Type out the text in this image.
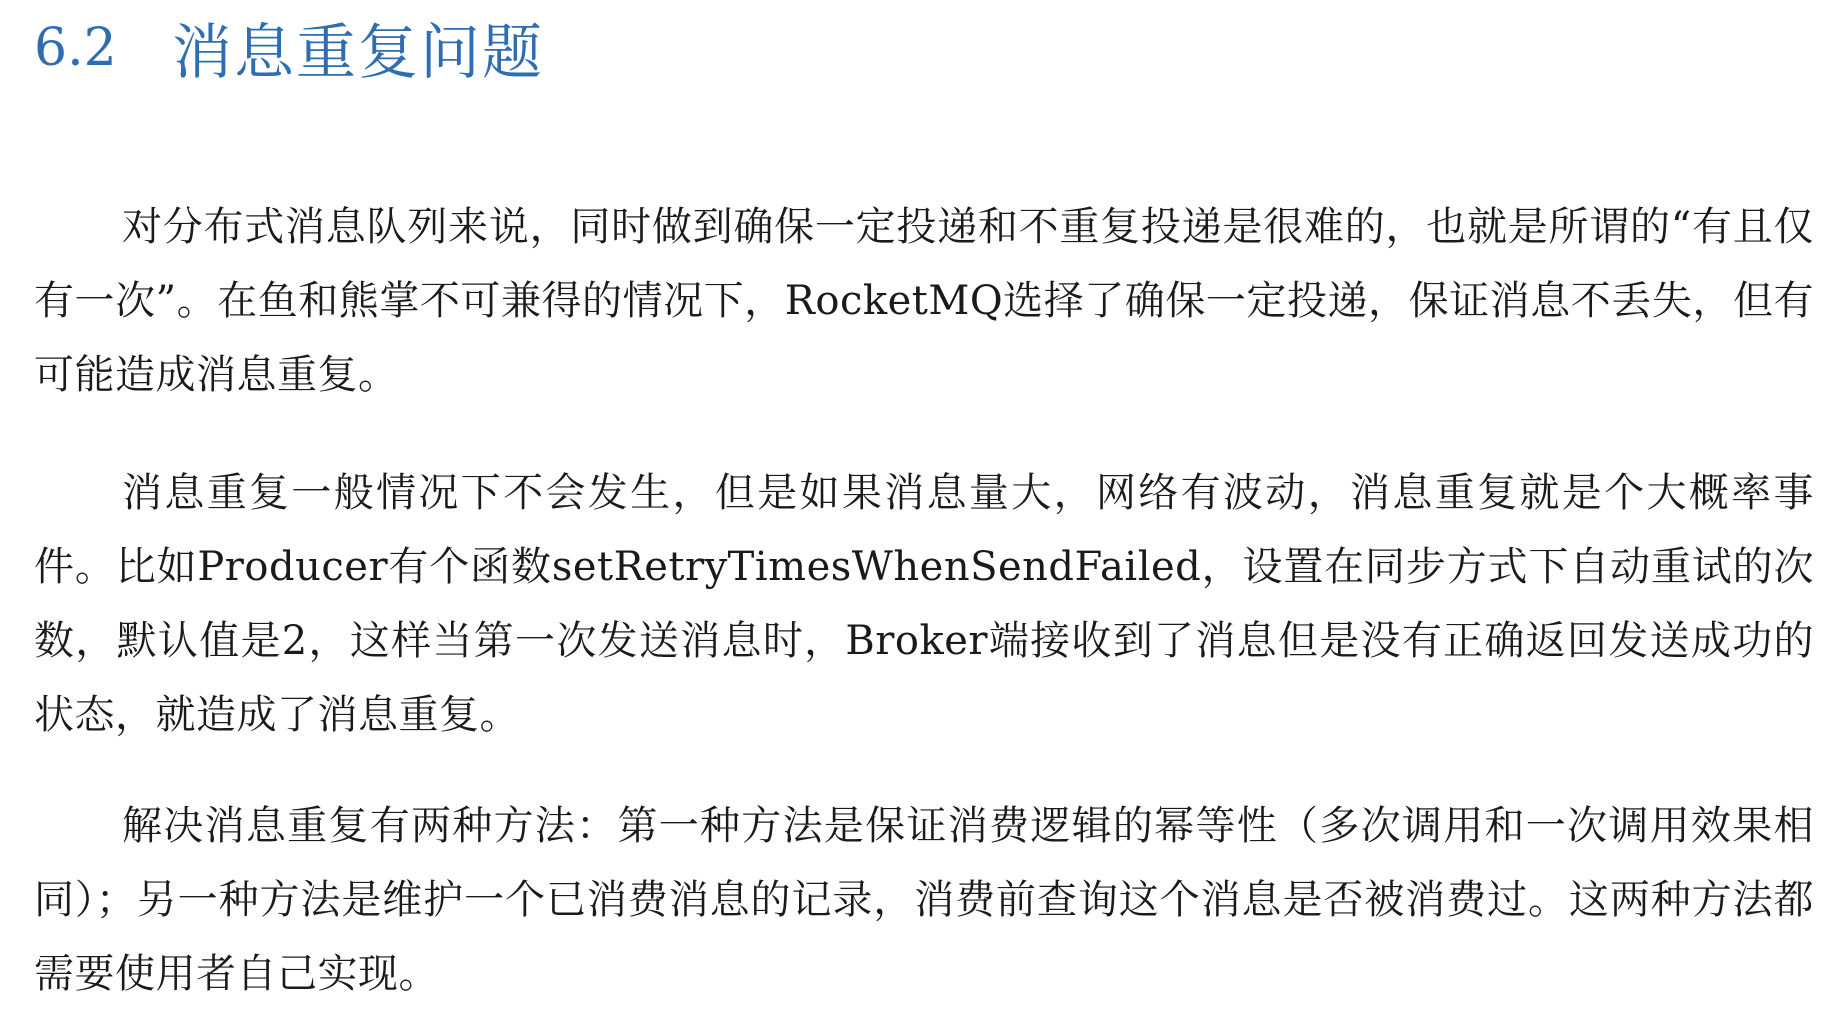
6.2 消息重复问题

对分布式消息队列来说，同时做到确保一定投递和不重复投递是很难的，也就是所谓的“有且仅有一次”。在鱼和熊掌不可兼得的情况下，RocketMQ选择了确保一定投递，保证消息不丢失，但有可能造成消息重复。

消息重复一般情况下不会发生，但是如果消息量大，网络有波动，消息重复就是个大概率事件。比如Producer有个函数setRetryTimesWhenSendFailed，设置在同步方式下自动重试的次数，默认值是2，这样当第一次发送消息时，Broker端接收到了消息但是没有正确返回发送成功的状态，就造成了消息重复。

解决消息重复有两种方法：第一种方法是保证消费逻辑的幂等性（多次调用和一次调用效果相同）；另一种方法是维护一个已消费消息的记录，消费前查询这个消息是否被消费过。这两种方法都需要使用者自己实现。
